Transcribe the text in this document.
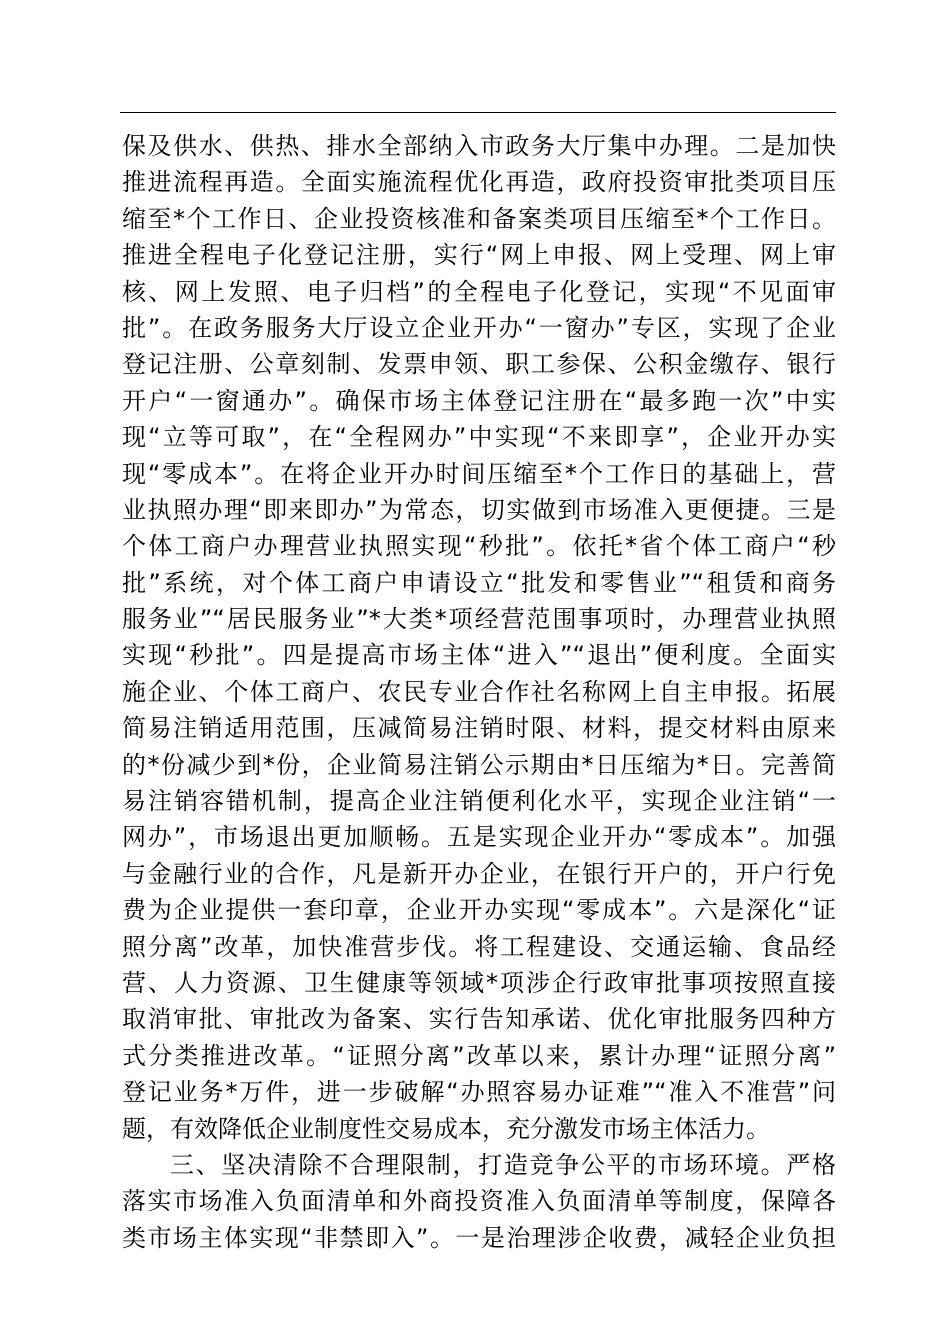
保及供水、供热、排水全部纳入市政务大厅集中办理。二是加快
推进流程再造。全面实施流程优化再造，政府投资审批类项目压
缩至*个工作日、企业投资核准和备案类项目压缩至*个工作日。
推进全程电子化登记注册，实行“网上申报、网上受理、网上审
核、网上发照、电子归档”的全程电子化登记，实现“不见面审
批”。在政务服务大厅设立企业开办“一窗办”专区，实现了企业
登记注册、公章刻制、发票申领、职工参保、公积金缴存、银行
开户“一窗通办”。确保市场主体登记注册在“最多跑一次”中实
现“立等可取”，在“全程网办”中实现“不来即享”，企业开办实
现“零成本”。在将企业开办时间压缩至*个工作日的基础上，营
业执照办理“即来即办”为常态，切实做到市场准入更便捷。三是
个体工商户办理营业执照实现“秒批”。依托*省个体工商户“秒
批”系统，对个体工商户申请设立“批发和零售业”“租赁和商务
服务业”“居民服务业”*大类*项经营范围事项时，办理营业执照
实现“秒批”。四是提高市场主体“进入”“退出”便利度。全面实
施企业、个体工商户、农民专业合作社名称网上自主申报。拓展
简易注销适用范围，压减简易注销时限、材料，提交材料由原来
的*份减少到*份，企业简易注销公示期由*日压缩为*日。完善简
易注销容错机制，提高企业注销便利化水平，实现企业注销“一
网办”，市场退出更加顺畅。五是实现企业开办“零成本”。加强
与金融行业的合作，凡是新开办企业，在银行开户的，开户行免
费为企业提供一套印章，企业开办实现“零成本”。六是深化“证
照分离”改革，加快准营步伐。将工程建设、交通运输、食品经
营、人力资源、卫生健康等领域*项涉企行政审批事项按照直接
取消审批、审批改为备案、实行告知承诺、优化审批服务四种方
式分类推进改革。“证照分离”改革以来，累计办理“证照分离”
登记业务*万件，进一步破解“办照容易办证难”“准入不准营”问
题，有效降低企业制度性交易成本，充分激发市场主体活力。
三、坚决清除不合理限制，打造竞争公平的市场环境。严格
落实市场准入负面清单和外商投资准入负面清单等制度，保障各
类市场主体实现“非禁即入”。一是治理涉企收费，减轻企业负担
